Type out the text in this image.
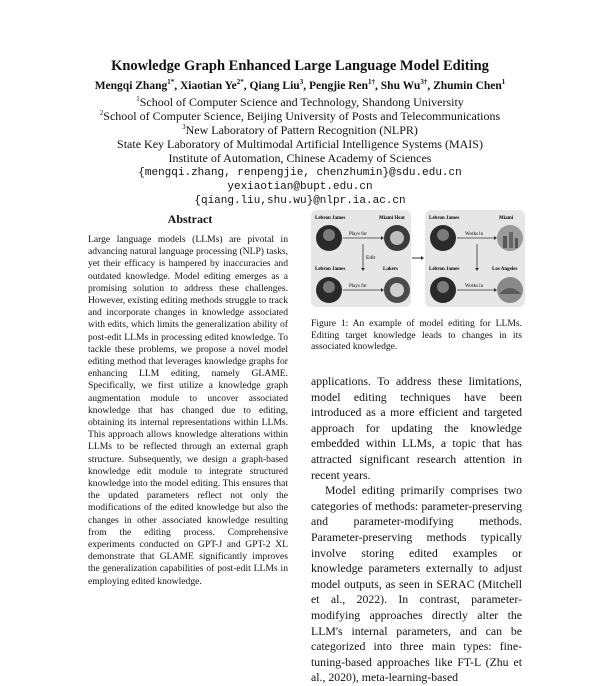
Knowledge Graph Enhanced Large Language Model Editing
Mengqi Zhang$^{1*}$, Xiaotian $Ye^{2*}$, Qiang Liu$^3$, Pengjie Ren$^{1\dagger}$, Shu $Wu^{3\dagger}$, Zhumin Chen$^1$
$^1$School of Computer Science and Technology, Shandong University
$^2$School of Computer Science, Beijing University of Posts and Telecommunications
$^3$New Laboratory of Pattern Recognition (NLPR)
State Key Laboratory of Multimodal Artificial Intelligence Systems (MAIS)
Institute of Automation, Chinese Academy of Sciences
{mengqi.zhang, renpengjie, chenzhumin}@sdu.edu.cn
yexiaotian@bupt.edu.cn
{qiang.liu,shu.wu}@nlpr.ia.ac.cn
Abstract

Large language models (LLMs) are pivotal in advancing natural language processing (NLP) tasks, yet their efficacy is hampered by inaccuracies and outdated knowledge. Model editing emerges as a promising solution to address these challenges. However, existing editing methods struggle to track and incorporate changes in knowledge associated with edits, which limits the generalization ability of post-edit LLMs in processing edited knowledge. To tackle these problems, we propose a novel model editing method that leverages knowledge graphs for enhancing LLM editing, namely GLAME. Specifically, we first utilize a knowledge graph augmentation module to uncover associated knowledge that has changed due to editing, obtaining its internal representations within LLMs. This approach allows knowledge alterations within LLMs to be reflected through an external graph structure. Subsequently, we design a graph-based knowledge edit module to integrate structured knowledge into the model editing. This ensures that the updated parameters reflect not only the modifications of the edited knowledge but also the changes in other associated knowledge resulting from the editing process. Comprehensive experiments conducted on GPT-J and GPT-2 XL demonstrate that GLAME significantly improves the generalization capabilities of post-edit LLMs in employing edited knowledge.

Lebron James	Miami Heat
Plays for
Edit
Lebron James	Lakers
Plays for
Lebron James	Miami
Works in
Lebron James	Los Angeles
Works in
Figure 1: An example of model editing for LLMs. Editing target knowledge leads to changes in its associated knowledge.

applications. To address these limitations, model editing techniques have been introduced as a more efficient and targeted approach for updating the knowledge embedded within LLMs, a topic that has attracted significant research attention in recent years.

Model editing primarily comprises two categories of methods: parameter-preserving and parameter-modifying methods. Parameter-preserving methods typically involve storing edited examples or knowledge parameters externally to adjust model outputs, as seen in SERAC (Mitchell et al., 2022). In contrast, parameter-modifying approaches directly alter the LLM's internal parameters, and can be categorized into three main types: fine-tuning-based approaches like FT-L (Zhu et al., 2020), meta-learning-based
